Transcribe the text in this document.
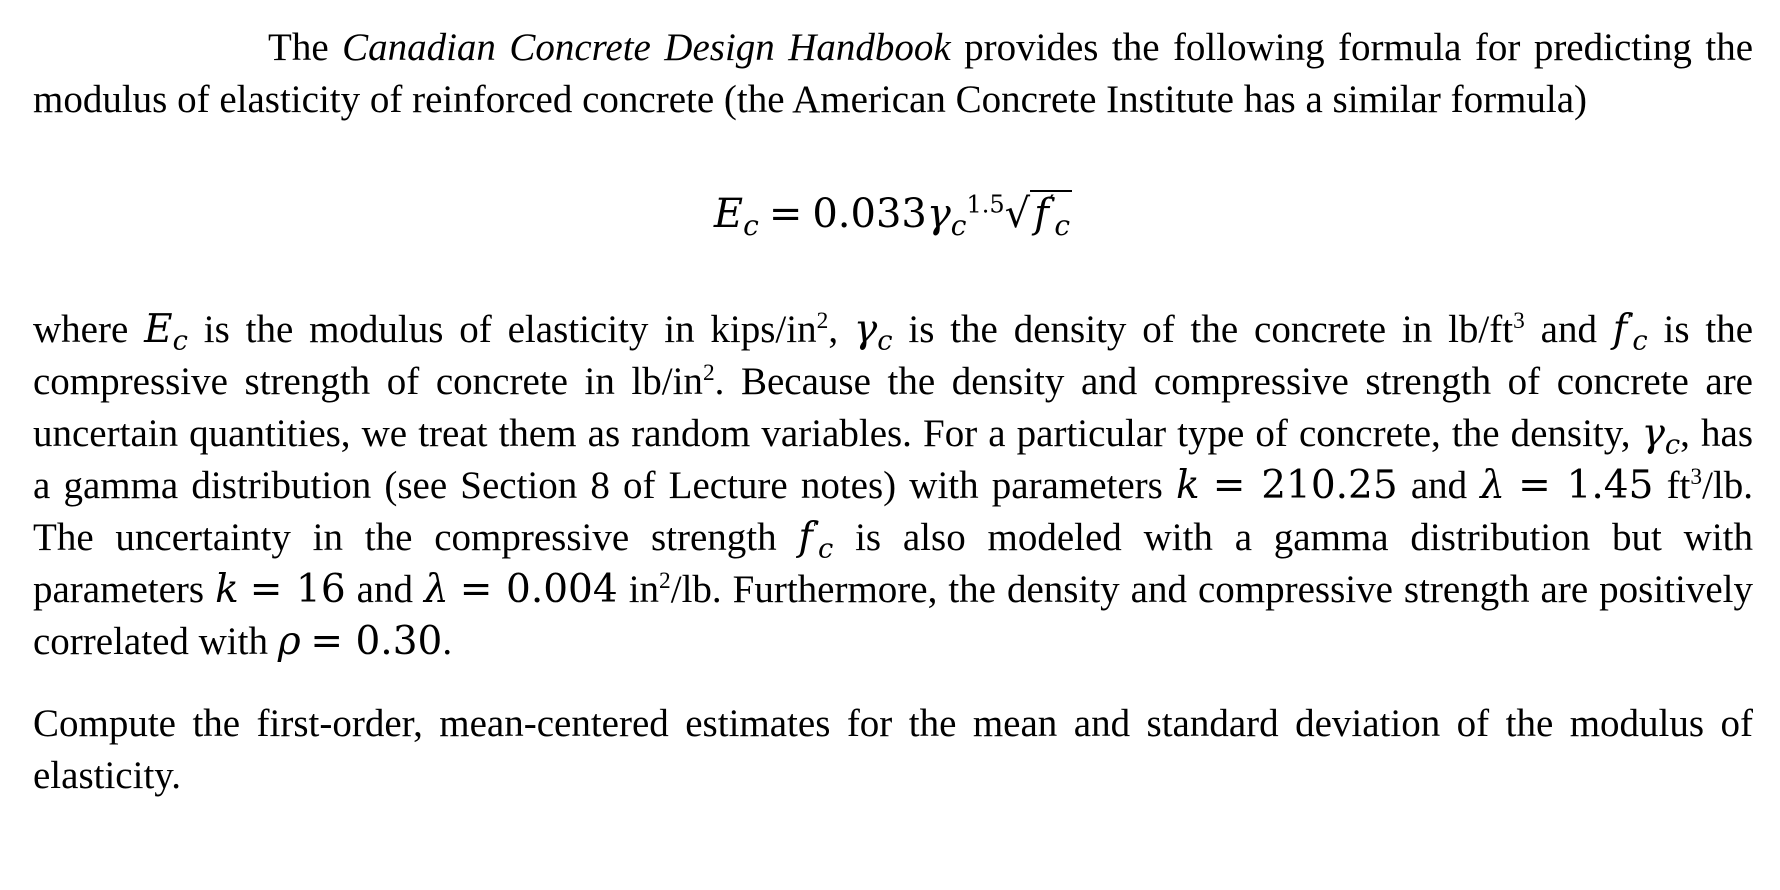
The Canadian Concrete Design Handbook provides the following formula for predicting the modulus of elasticity of reinforced concrete (the American Concrete Institute has a similar formula)

$E_c = 0.033\gamma_c^{1.5}√$ $f'_c$

where $E_c$ is the modulus of elasticity in kips/$in^2$, $\gamma_c$ is the density of the concrete in $lb/ft^3$ and $f'_c$ is the compressive strength of concrete in $lb/in^2$. Because the density and compressive strength of concrete are uncertain quantities, we treat them as random variables. For a particular type of concrete, the density, $\gamma_c$, has a gamma distribution (see Section 8 of Lecture notes) with parameters k = 210.25 and λ = 1.45 $ft^3/lb$. The uncertainty in the compressive strength $f'_c$ is also modeled with a gamma distribution but with parameters k = 16 and λ = 0.004 $in^2/lb$. Furthermore, the density and compressive strength are positively correlated with ρ = 0.30.

Compute the first-order, mean-centered estimates for the mean and standard deviation of the modulus of elasticity.
